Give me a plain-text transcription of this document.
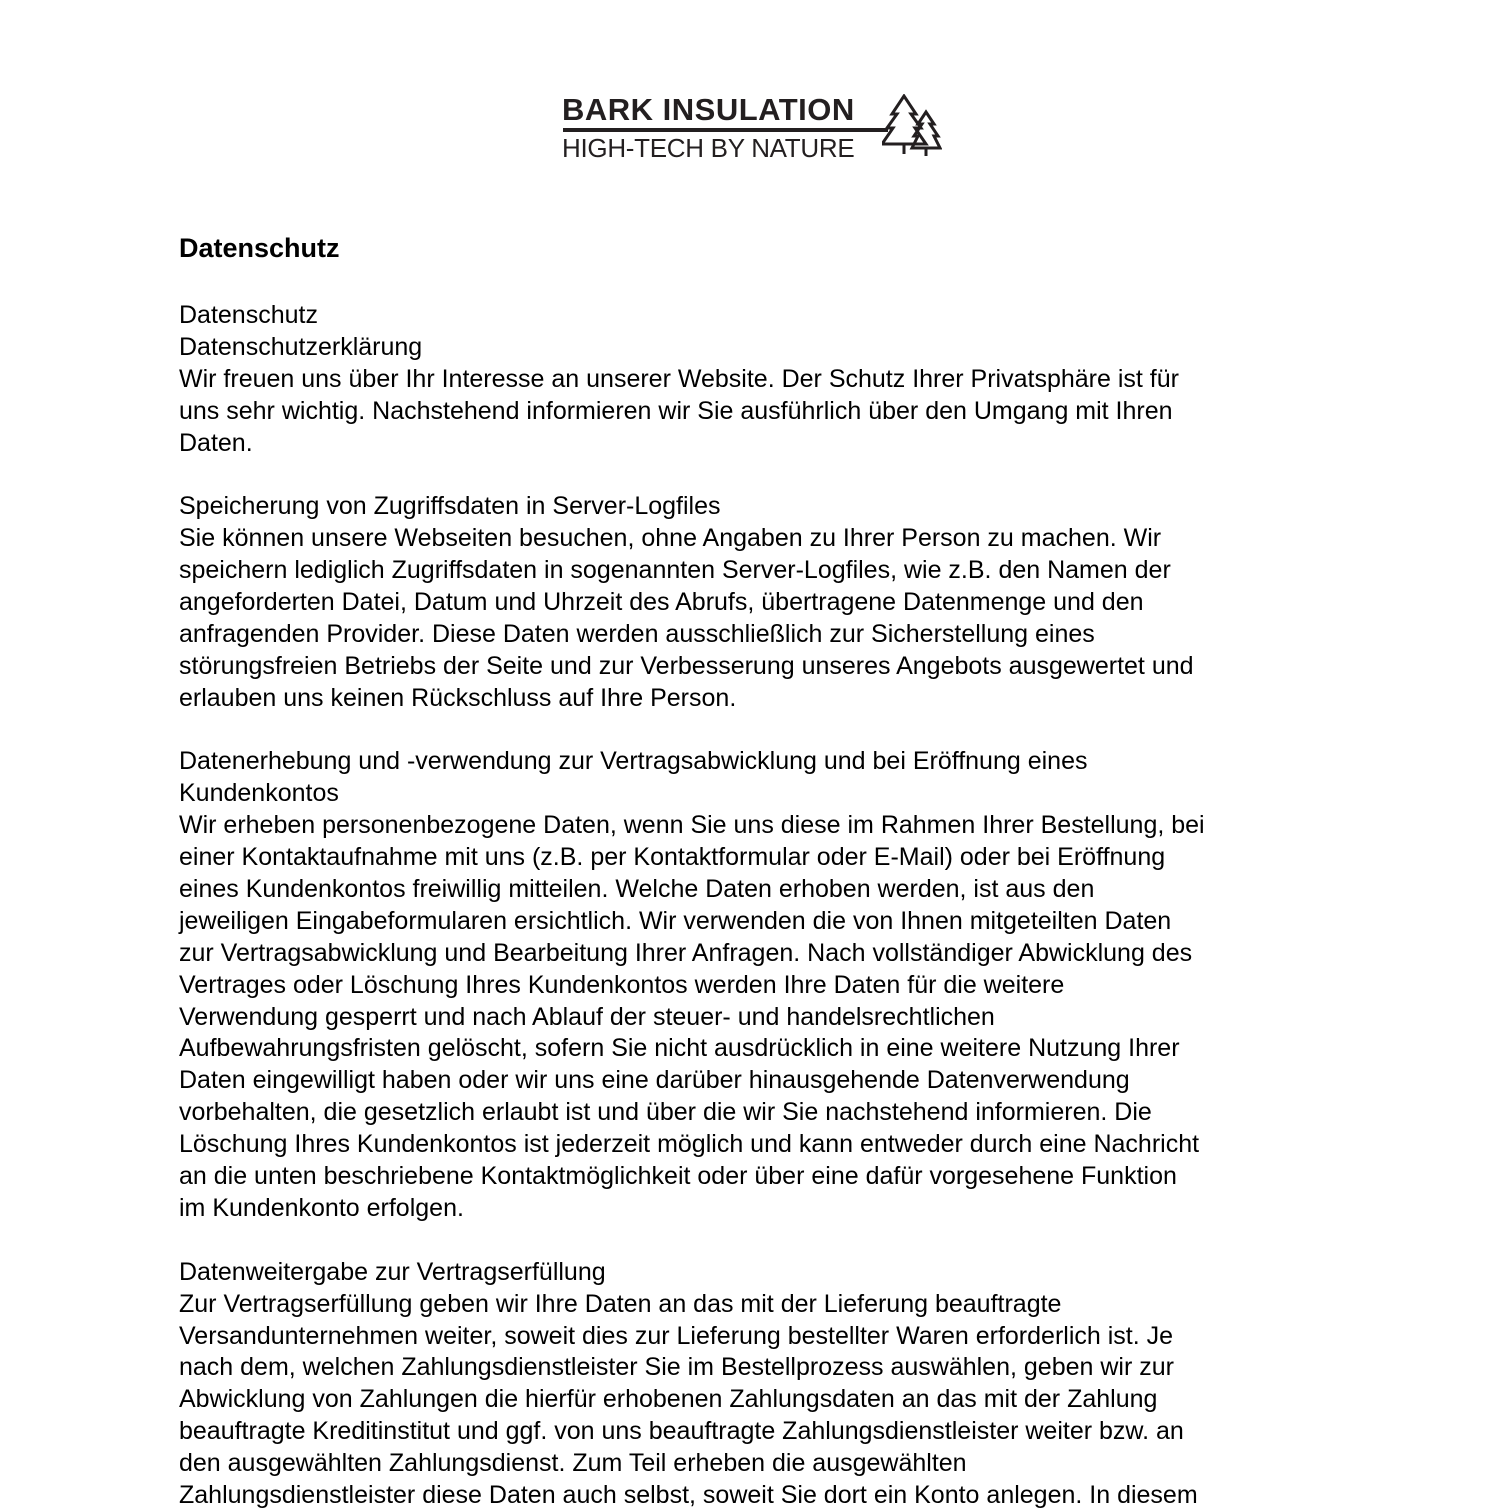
BARK INSULATION
HIGH-TECH BY NATURE
Datenschutz
Datenschutz
Datenschutzerklärung
Wir freuen uns über Ihr Interesse an unserer Website. Der Schutz Ihrer Privatsphäre ist für
uns sehr wichtig. Nachstehend informieren wir Sie ausführlich über den Umgang mit Ihren
Daten.
Speicherung von Zugriffsdaten in Server-Logfiles
Sie können unsere Webseiten besuchen, ohne Angaben zu Ihrer Person zu machen. Wir
speichern lediglich Zugriffsdaten in sogenannten Server-Logfiles, wie z.B. den Namen der
angeforderten Datei, Datum und Uhrzeit des Abrufs, übertragene Datenmenge und den
anfragenden Provider. Diese Daten werden ausschließlich zur Sicherstellung eines
störungsfreien Betriebs der Seite und zur Verbesserung unseres Angebots ausgewertet und
erlauben uns keinen Rückschluss auf Ihre Person.
Datenerhebung und -verwendung zur Vertragsabwicklung und bei Eröffnung eines
Kundenkontos
Wir erheben personenbezogene Daten, wenn Sie uns diese im Rahmen Ihrer Bestellung, bei
einer Kontaktaufnahme mit uns (z.B. per Kontaktformular oder E-Mail) oder bei Eröffnung
eines Kundenkontos freiwillig mitteilen. Welche Daten erhoben werden, ist aus den
jeweiligen Eingabeformularen ersichtlich. Wir verwenden die von Ihnen mitgeteilten Daten
zur Vertragsabwicklung und Bearbeitung Ihrer Anfragen. Nach vollständiger Abwicklung des
Vertrages oder Löschung Ihres Kundenkontos werden Ihre Daten für die weitere
Verwendung gesperrt und nach Ablauf der steuer- und handelsrechtlichen
Aufbewahrungsfristen gelöscht, sofern Sie nicht ausdrücklich in eine weitere Nutzung Ihrer
Daten eingewilligt haben oder wir uns eine darüber hinausgehende Datenverwendung
vorbehalten, die gesetzlich erlaubt ist und über die wir Sie nachstehend informieren. Die
Löschung Ihres Kundenkontos ist jederzeit möglich und kann entweder durch eine Nachricht
an die unten beschriebene Kontaktmöglichkeit oder über eine dafür vorgesehene Funktion
im Kundenkonto erfolgen.
Datenweitergabe zur Vertragserfüllung
Zur Vertragserfüllung geben wir Ihre Daten an das mit der Lieferung beauftragte
Versandunternehmen weiter, soweit dies zur Lieferung bestellter Waren erforderlich ist. Je
nach dem, welchen Zahlungsdienstleister Sie im Bestellprozess auswählen, geben wir zur
Abwicklung von Zahlungen die hierfür erhobenen Zahlungsdaten an das mit der Zahlung
beauftragte Kreditinstitut und ggf. von uns beauftragte Zahlungsdienstleister weiter bzw. an
den ausgewählten Zahlungsdienst. Zum Teil erheben die ausgewählten
Zahlungsdienstleister diese Daten auch selbst, soweit Sie dort ein Konto anlegen. In diesem
